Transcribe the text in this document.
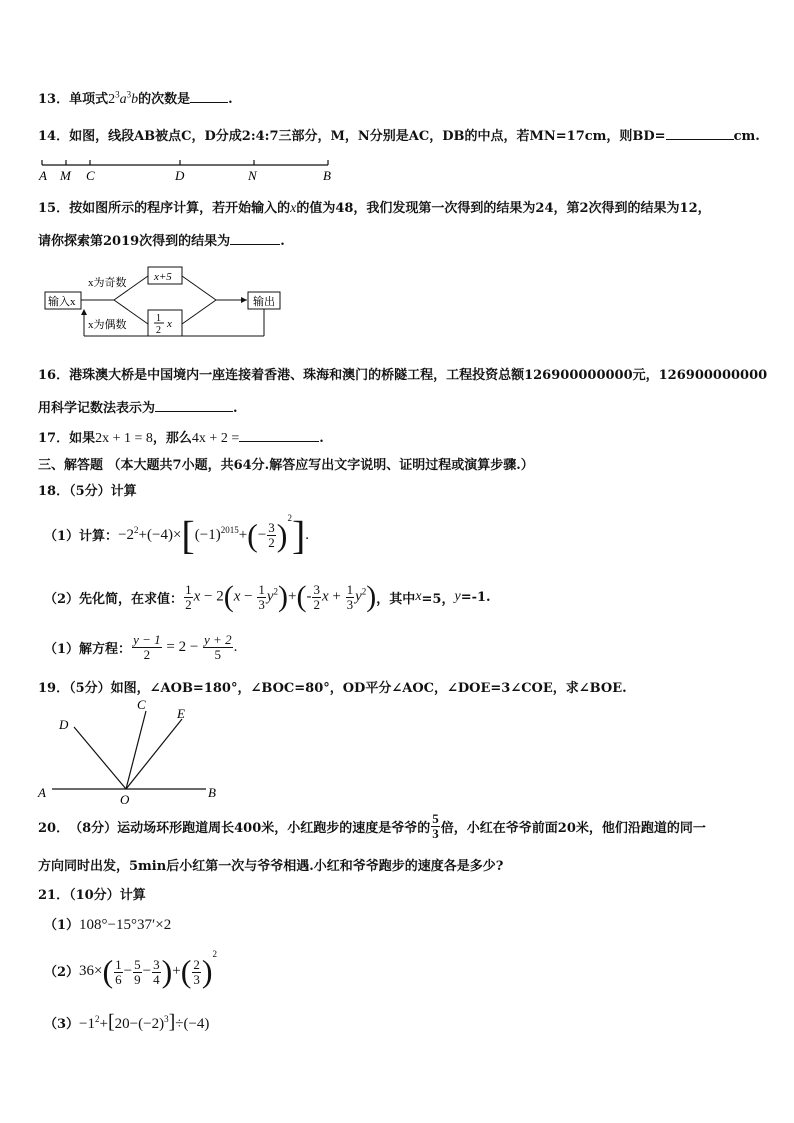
13．单项式$2^3a^3b$的次数是	.
14．如图，线段AB被点C，D分成2:4:7三部分，M，N分别是AC，DB的中点，若MN=17cm，则BD=	cm.
A M C	D	N	B
15．按如图所示的程序计算，若开始输入的x的值为48，我们发现第一次得到的结果为24，第2次得到的结果为12，
请你探索第2019次得到的结果为	.
输入x
x为奇数	x+5
1
2
x
输出
x为偶数
16．港珠澳大桥是中国境内一座连接着香港、珠海和澳门的桥隧工程，工程投资总额126900000000元，126900000000
用科学记数法表示为	.
17．如果2x + 1 = 8，那么4x + 2 =	.
三、解答题 （本大题共7小题，共64分.解答应写出文字说明、证明过程或演算步骤.）
18．（5分）计算
（1） 计算： $-2^2+(-4)\times[(-1)^{2015}+(- \frac{3}{2} )^2]$.
（2） 先化简，在求值： $\frac{1}{2}$ $x - 2(x - \frac{1}{3} y^2)+(- \frac{3}{2}$ $x + \frac{1}{3} y^2$) ，其中 x =5， y =-1.
（1） 解方程： $\frac{y - 1}{2} = 2 - \frac{y + 2}{5}$ .
19．（5分）如图，∠AOB=180°，∠BOC=80°，OD平分∠AOC，∠DOE=3∠COE，求∠BOE.
A	O	B
C
D
E
20． （8分） 运动场环形跑道周长400米，小红跑步的速度是爷爷的 $\frac{5}{3}$ 倍，小红在爷爷前面20米，他们沿跑道的同一
方向同时出发，5min后小红第一次与爷爷相遇.小红和爷爷跑步的速度各是多少?
21．（10分）计算
（1）108°−15°37′×2
（2） $36\times( \frac{1}{6} - \frac{5}{9} - \frac{3}{4}$ )+( $\frac{2}{3} )^2$
$(3) -1^2+[20-(-2)^3]\div(-4)$
